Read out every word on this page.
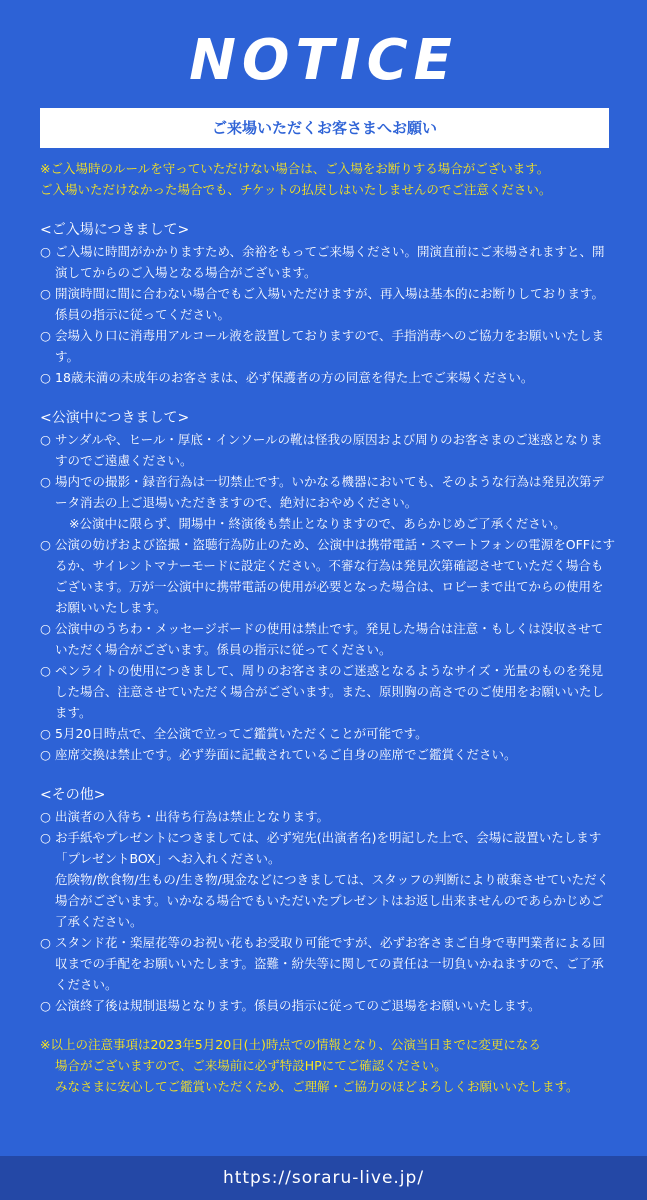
NOTICE
ご来場いただくお客さまへお願い

※ご入場時のルールを守っていただけない場合は、ご入場をお断りする場合がございます。

ご入場いただけなかった場合でも、チケットの払戻しはいたしませんのでご注意ください。

<ご入場につきまして>

○ ご入場に時間がかかりますため、余裕をもってご来場ください。開演直前にご来場されますと、開演してからのご入場となる場合がございます。

○ 開演時間に間に合わない場合でもご入場いただけますが、再入場は基本的にお断りしております。係員の指示に従ってください。

○ 会場入り口に消毒用アルコール液を設置しておりますので、手指消毒へのご協力をお願いいたします。

○ 18歳未満の未成年のお客さまは、必ず保護者の方の同意を得た上でご来場ください。

<公演中につきまして>

○ サンダルや、ヒール・厚底・インソールの靴は怪我の原因および周りのお客さまのご迷惑となりますのでご遠慮ください。

○ 場内での撮影・録音行為は一切禁止です。いかなる機器においても、そのような行為は発見次第データ消去の上ご退場いただきますので、絶対におやめください。
※公演中に限らず、開場中・終演後も禁止となりますので、あらかじめご了承ください。

○ 公演の妨げおよび盗撮・盗聴行為防止のため、公演中は携帯電話・スマートフォンの電源をOFFにするか、サイレントマナーモードに設定ください。不審な行為は発見次第確認させていただく場合もございます。万が一公演中に携帯電話の使用が必要となった場合は、ロビーまで出てからの使用をお願いいたします。

○ 公演中のうちわ・メッセージボードの使用は禁止です。発見した場合は注意・もしくは没収させていただく場合がございます。係員の指示に従ってください。

○ ペンライトの使用につきまして、周りのお客さまのご迷惑となるようなサイズ・光量のものを発見した場合、注意させていただく場合がございます。また、原則胸の高さでのご使用をお願いいたします。

○ 5月20日時点で、全公演で立ってご鑑賞いただくことが可能です。

○ 座席交換は禁止です。必ず券面に記載されているご自身の座席でご鑑賞ください。

<その他>

○ 出演者の入待ち・出待ち行為は禁止となります。

○ お手紙やプレゼントにつきましては、必ず宛先(出演者名)を明記した上で、会場に設置いたします「プレゼントBOX」へお入れください。
危険物/飲食物/生もの/生き物/現金などにつきましては、スタッフの判断により破棄させていただく場合がございます。いかなる場合でもいただいたプレゼントはお返し出来ませんのであらかじめご了承ください。

○ スタンド花・楽屋花等のお祝い花もお受取り可能ですが、必ずお客さまご自身で専門業者による回収までの手配をお願いいたします。盗難・紛失等に関しての責任は一切負いかねますので、ご了承ください。

○ 公演終了後は規制退場となります。係員の指示に従ってのご退場をお願いいたします。

※以上の注意事項は2023年5月20日(土)時点での情報となり、公演当日までに変更になる

場合がございますので、ご来場前に必ず特設HPにてご確認ください。

みなさまに安心してご鑑賞いただくため、ご理解・ご協力のほどよろしくお願いいたします。

https://soraru-live.jp/
